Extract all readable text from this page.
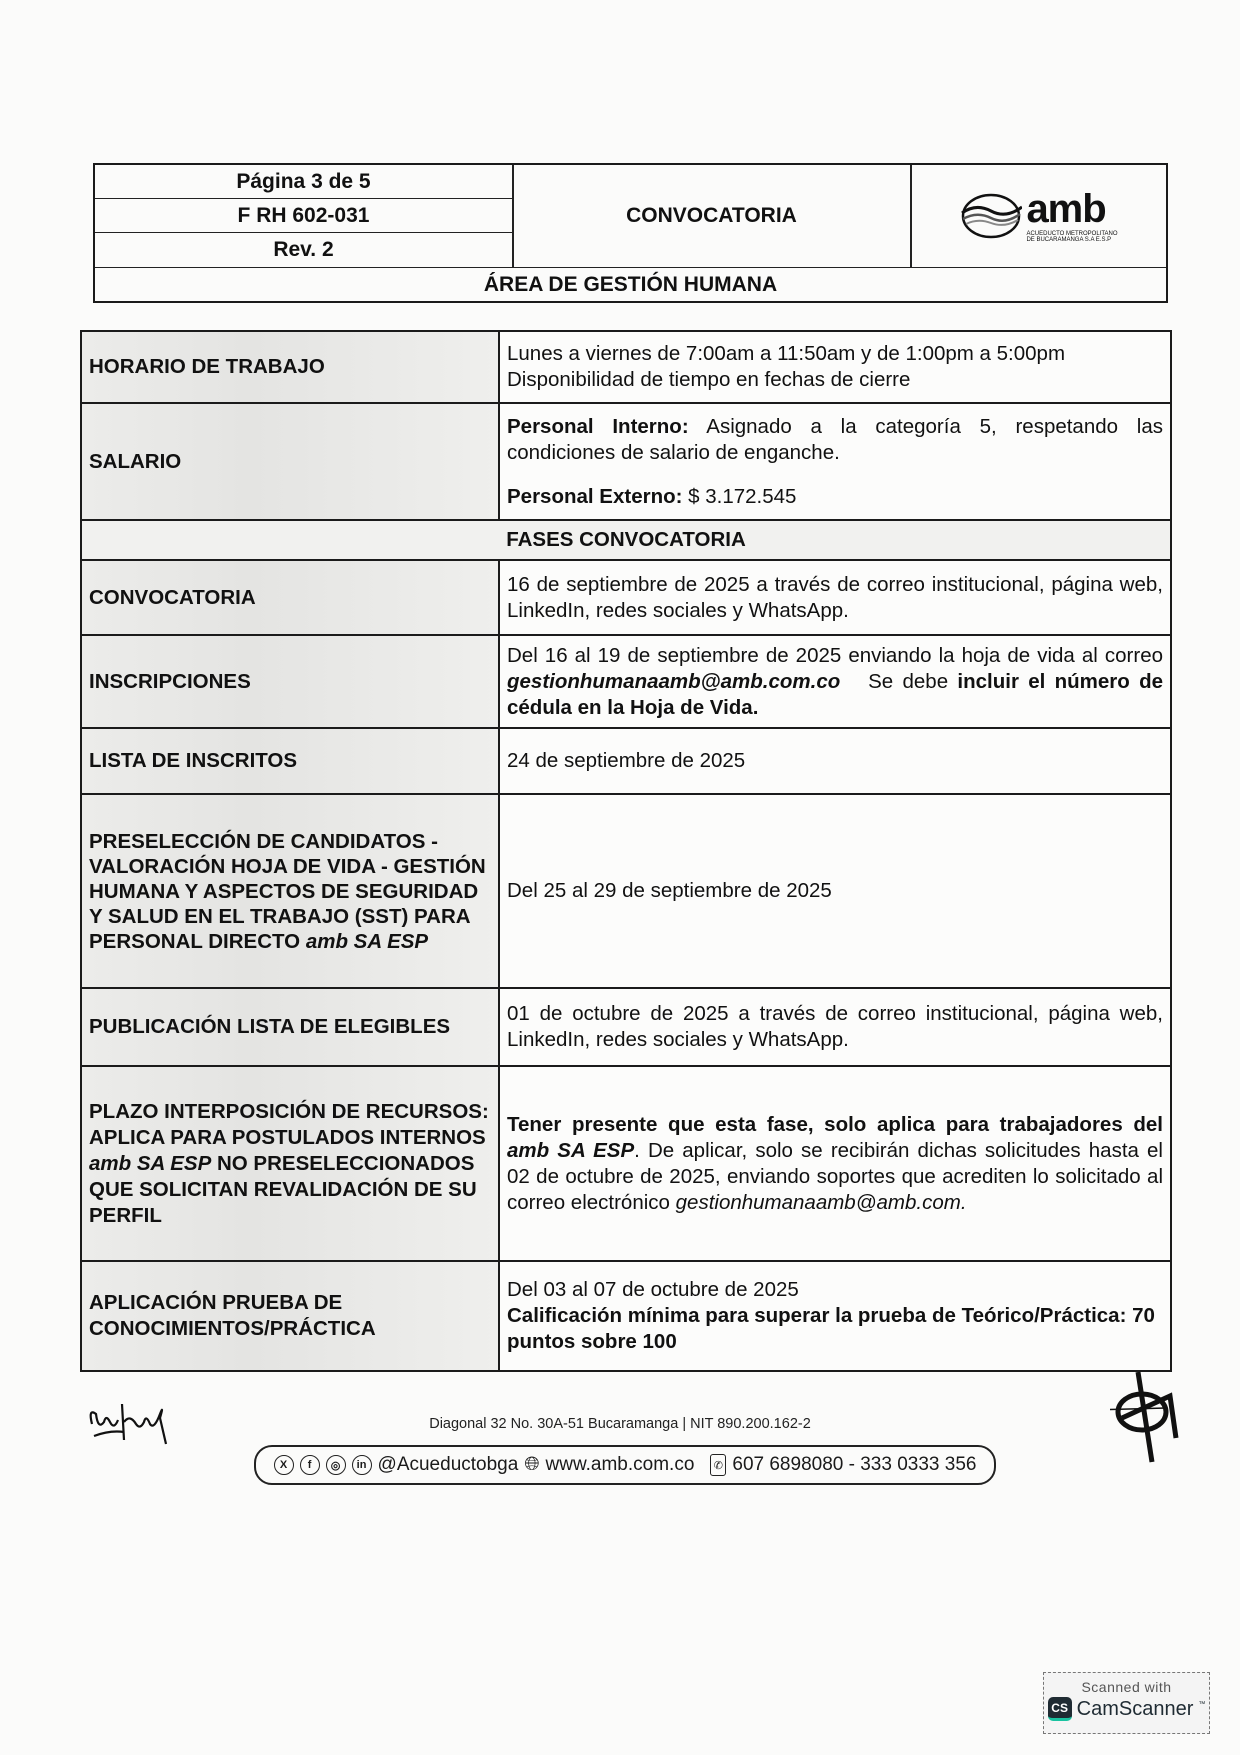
Página 3 de 5
F RH 602-031
Rev. 2
CONVOCATORIA	amb
ACUEDUCTO METROPOLITANO
DE BUCARAMANGA S.A E.S.P
ÁREA DE GESTIÓN HUMANA
HORARIO DE TRABAJO	Lunes a viernes de 7:00am a 11:50am y de 1:00pm a 5:00pm
Disponibilidad de tiempo en fechas de cierre

SALARIO	Personal Interno: Asignado a la categoría 5, respetando las condiciones de salario de enganche.
Personal Externo: $ 3.172.545

FASES CONVOCATORIA	
CONVOCATORIA	16 de septiembre de 2025 a través de correo institucional, página web, LinkedIn, redes sociales y WhatsApp.
INSCRIPCIONES	Del 16 al 19 de septiembre de 2025 enviando la hoja de vida al correo gestionhumanaamb@amb.com.co   Se debe incluir el número de cédula en la Hoja de Vida.
LISTA DE INSCRITOS	24 de septiembre de 2025
PRESELECCIÓN DE CANDIDATOS - VALORACIÓN HOJA DE VIDA - GESTIÓN HUMANA Y ASPECTOS DE SEGURIDAD Y SALUD EN EL TRABAJO (SST) PARA PERSONAL DIRECTO amb SA ESP	Del 25 al 29 de septiembre de 2025
PUBLICACIÓN LISTA DE ELEGIBLES	01 de octubre de 2025 a través de correo institucional, página web, LinkedIn, redes sociales y WhatsApp.
PLAZO INTERPOSICIÓN DE RECURSOS: APLICA PARA POSTULADOS INTERNOS amb SA ESP NO PRESELECCIONADOS QUE SOLICITAN REVALIDACIÓN DE SU PERFIL	Tener presente que esta fase, solo aplica para trabajadores del amb SA ESP. De aplicar, solo se recibirán dichas solicitudes hasta el 02 de octubre de 2025, enviando soportes que acrediten lo solicitado al correo electrónico gestionhumanaamb@amb.com.
APLICACIÓN PRUEBA DE CONOCIMIENTOS/PRÁCTICA	Del 03 al 07 de octubre de 2025
Calificación mínima para superar la prueba de Teórico/Práctica: 70 puntos sobre 100
Diagonal 32 No. 30A-51 Bucaramanga | NIT 890.200.162-2
X	f	◎	in @Acueductobga 🌐︎ www.amb.com.co	✆ 607 6898080 - 333 0333 356
Scanned with
CS CamScanner ™
